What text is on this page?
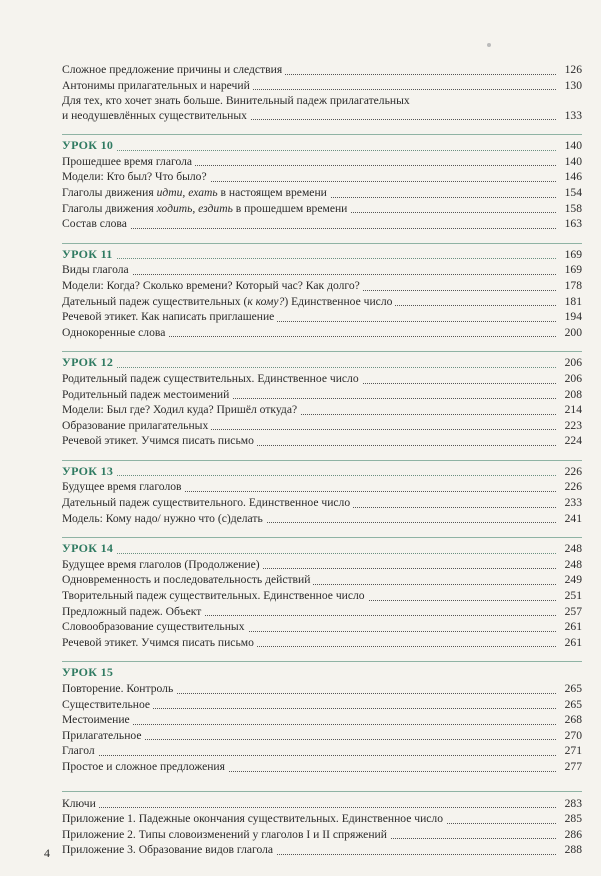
Сложное предложение причины и следствия	126
Антонимы прилагательных и наречий	130
Для тех, кто хочет знать больше. Винительный падеж прилагательных
и неодушевлённых существительных	133
УРОК 10	140
Прошедшее время глагола	140
Модели: Кто был? Что было?	146
Глаголы движения идти, ехать в настоящем времени	154
Глаголы движения ходить, ездить в прошедшем времени	158
Состав слова	163
УРОК 11	169
Виды глагола	169
Модели: Когда? Сколько времени? Который час? Как долго?	178
Дательный падеж существительных (к кому?) Единственное число	181
Речевой этикет. Как написать приглашение	194
Однокоренные слова	200
УРОК 12	206
Родительный падеж существительных. Единственное число	206
Родительный падеж местоимений	208
Модели: Был где? Ходил куда? Пришёл откуда?	214
Образование прилагательных	223
Речевой этикет. Учимся писать письмо	224
УРОК 13	226
Будущее время глаголов	226
Дательный падеж существительного. Единственное число	233
Модель: Кому надо/ нужно что (с)делать	241
УРОК 14	248
Будущее время глаголов (Продолжение)	248
Одновременность и последовательность действий	249
Творительный падеж существительных. Единственное число	251
Предложный падеж. Объект	257
Словообразование существительных	261
Речевой этикет. Учимся писать письмо	261
УРОК 15
Повторение. Контроль	265
Существительное	265
Местоимение	268
Прилагательное	270
Глагол	271
Простое и сложное предложения	277
Ключи	283
Приложение 1. Падежные окончания существительных. Единственное число	285
Приложение 2. Типы словоизменений у глаголов I и II спряжений	286
Приложение 3. Образование видов глагола	288
4
